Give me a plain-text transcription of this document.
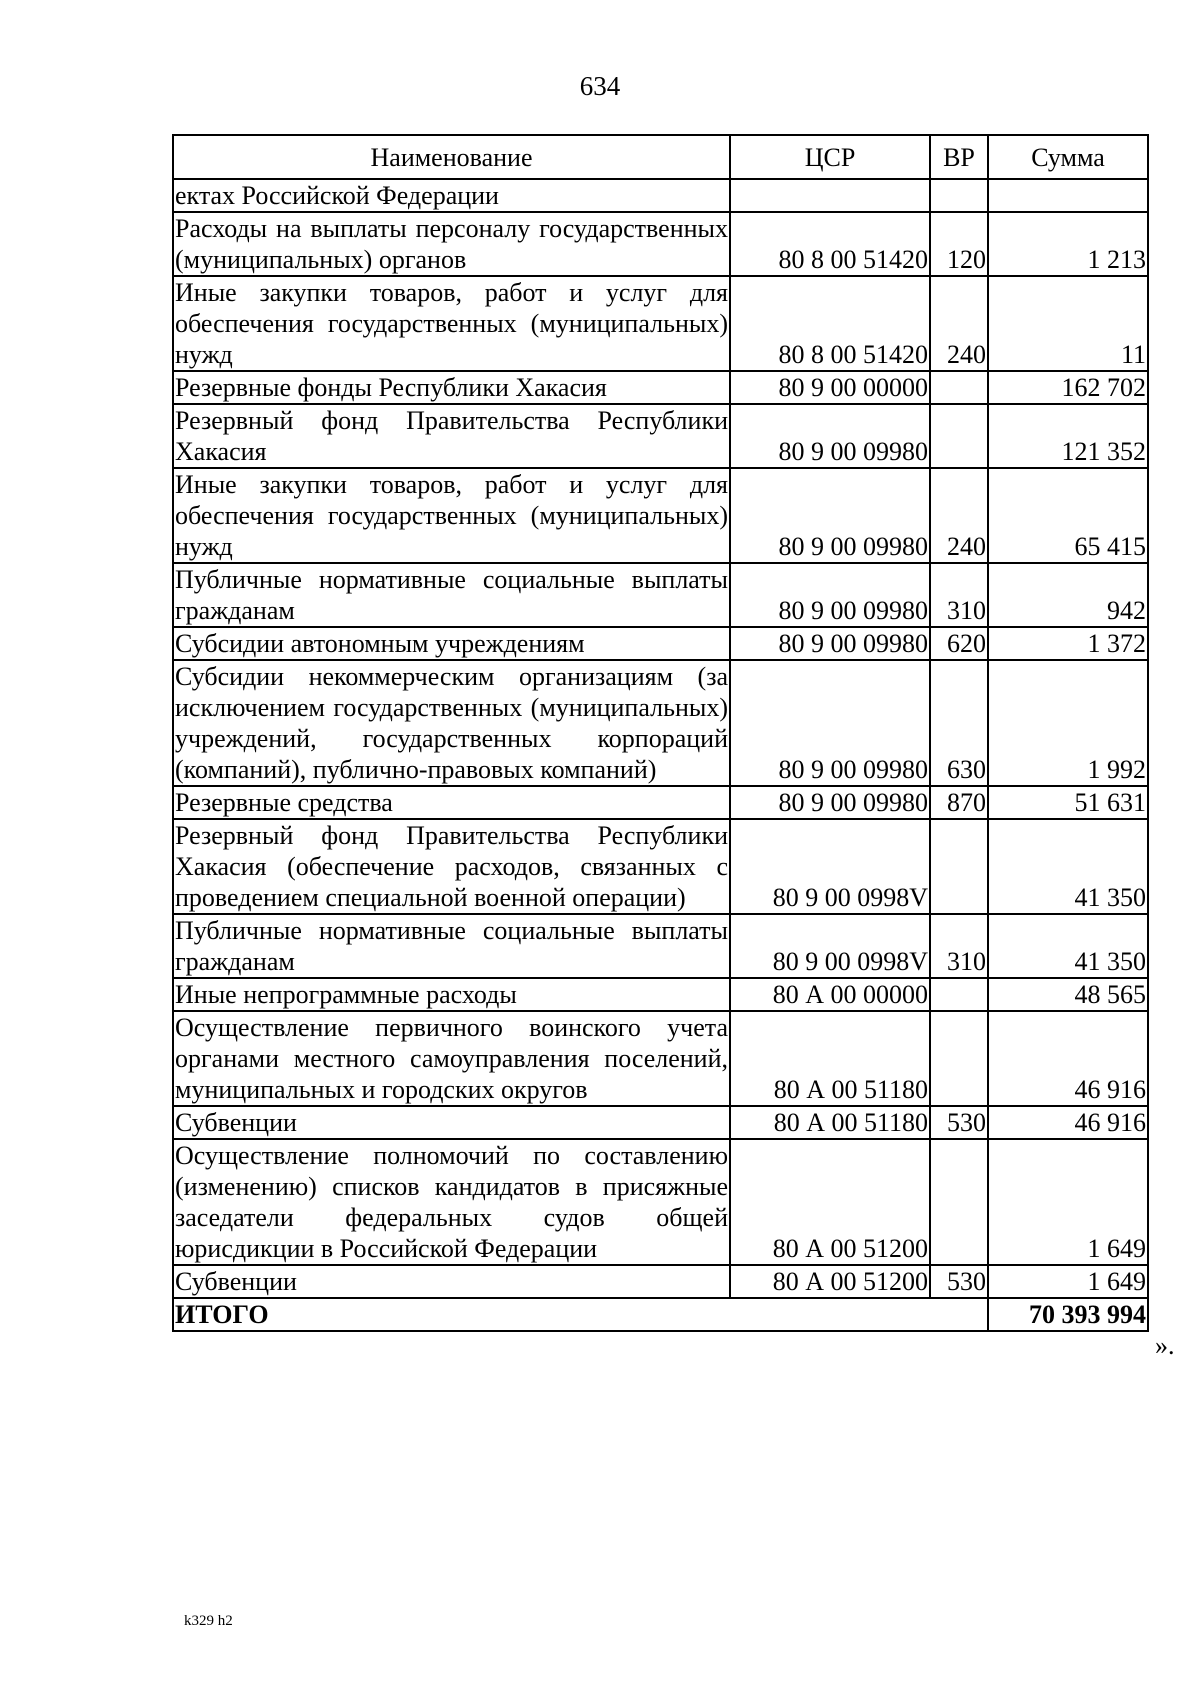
634
Наименование	ЦСР	ВР	Сумма
ектах Российской Федерации			
Расходы на выплаты персоналу государственных (муниципальных) органов	80 8 00 51420	120	1 213
Иные закупки товаров, работ и услуг для обеспечения государственных (муниципальных) нужд	80 8 00 51420	240	11
Резервные фонды Республики Хакасия	80 9 00 00000		162 702
Резервный фонд Правительства Республики Хакасия	80 9 00 09980		121 352
Иные закупки товаров, работ и услуг для обеспечения государственных (муниципальных) нужд	80 9 00 09980	240	65 415
Публичные нормативные социальные выплаты гражданам	80 9 00 09980	310	942
Субсидии автономным учреждениям	80 9 00 09980	620	1 372
Субсидии некоммерческим организациям (за исключением государственных (муниципальных) учреждений, государственных корпораций (компаний), публично-правовых компаний)	80 9 00 09980	630	1 992
Резервные средства	80 9 00 09980	870	51 631
Резервный фонд Правительства Республики Хакасия (обеспечение расходов, связанных с проведением специальной военной операции)	80 9 00 0998V		41 350
Публичные нормативные социальные выплаты гражданам	80 9 00 0998V	310	41 350
Иные непрограммные расходы	80 А 00 00000		48 565
Осуществление первичного воинского учета органами местного самоуправления поселений, муниципальных и городских округов	80 А 00 51180		46 916
Субвенции	80 А 00 51180	530	46 916
Осуществление полномочий по составлению (изменению) списков кандидатов в присяжные заседатели федеральных судов общей юрисдикции в Российской Федерации	80 А 00 51200		1 649
Субвенции	80 А 00 51200	530	1 649
ИТОГО			70 393 994
».
k329 h2
